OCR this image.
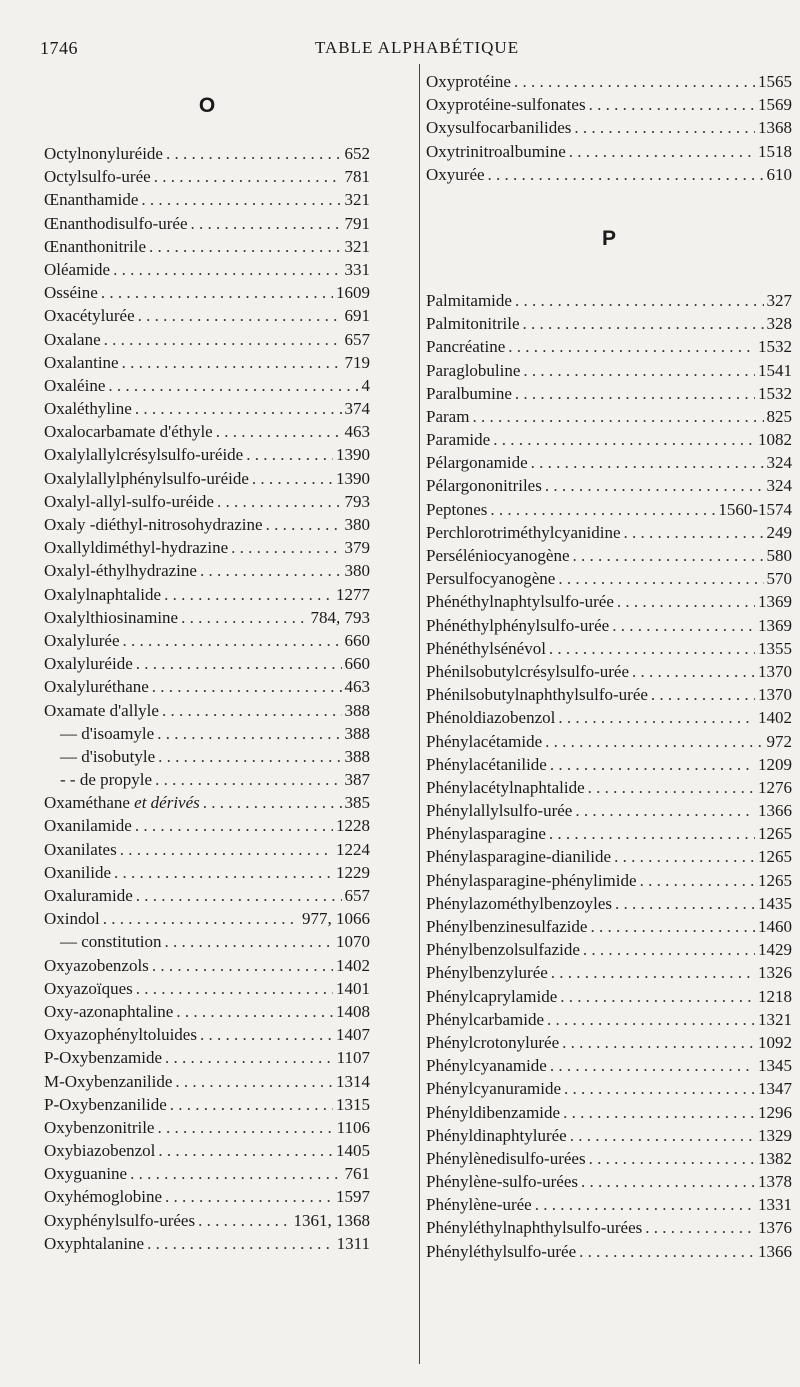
1746	TABLE ALPHABÉTIQUE
O
Octylnonyluréide . . .	652
Octylsulfo-urée . . .	781
Œnanthamide . . .	321
Œnanthodisulfo-urée . . .	791
Œnanthonitrile . . .	321
Oléamide . . .	331
Osséine . . .	1609
Oxacétylurée . . .	691
Oxalane . . .	657
Oxalantine . . .	719
Oxaléine . . .	4
Oxaléthyline . . .	374
Oxalocarbamate d'éthyle . . .	463
Oxalylallylcrésylsulfo-uréide . . .	1390
Oxalylallylphénylsulfo-uréide . . .	1390
Oxalyl-allyl-sulfo-uréide . . .	793
Oxaly -diéthyl-nitrosohydrazine . . .	380
Oxallyldiméthyl-hydrazine . . .	379
Oxalyl-éthylhydrazine . . .	380
Oxalylnaphtalide . . .	1277
Oxalylthiosinamine . . .	784, 793
Oxalylurée . . .	660
Oxalyluréide . . .	660
Oxalyluréthane . . .	463
Oxamate d'allyle . . .	388
— d'isoamyle . . .	388
— d'isobutyle . . .	388
- - de propyle . . .	387
Oxaméthane et dérivés . . .	385
Oxanilamide . . .	1228
Oxanilates . . .	1224
Oxanilide . . .	1229
Oxaluramide . . .	657
Oxindol . . .	977, 1066
— constitution . . .	1070
Oxyazobenzols . . .	1402
Oxyazoïques . . .	1401
Oxy-azonaphtaline . . .	1408
Oxyazophényltoluides . . .	1407
P-Oxybenzamide . . .	1107
M-Oxybenzanilide . . .	1314
P-Oxybenzanilide . . .	1315
Oxybenzonitrile . . .	1106
Oxybiazobenzol . . .	1405
Oxyguanine . . .	761
Oxyhémoglobine . . .	1597
Oxyphénylsulfo-urées . . .	1361, 1368
Oxyphtalanine . . .	1311
Oxyprotéine . . .	1565
Oxyprotéine-sulfonates . . .	1569
Oxysulfocarbanilides . . .	1368
Oxytrinitroalbumine . . .	1518
Oxyurée . . .	610
P
Palmitamide . . .	327
Palmitonitrile . . .	328
Pancréatine . . .	1532
Paraglobuline . . .	1541
Paralbumine . . .	1532
Param . . .	825
Paramide . . .	1082
Pélargonamide . . .	324
Pélargononitriles . . .	324
Peptones . . .	1560-1574
Perchlorotriméthylcyanidine . . .	249
Perséléniocyanogène . . .	580
Persulfocyanogène . . .	570
Phénéthylnaphtylsulfo-urée . . .	1369
Phénéthylphénylsulfo-urée . . .	1369
Phénéthylsénévol . . .	1355
Phénilsobutylcrésylsulfo-urée . . .	1370
Phénilsobutylnaphthylsulfo-urée . . .	1370
Phénoldiazobenzol . . .	1402
Phénylacétamide . . .	972
Phénylacétanilide . . .	1209
Phénylacétylnaphtalide . . .	1276
Phénylallylsulfo-urée . . .	1366
Phénylasparagine . . .	1265
Phénylasparagine-dianilide . . .	1265
Phénylasparagine-phénylimide . . .	1265
Phénylazométhylbenzoyles . . .	1435
Phénylbenzinesulfazide . . .	1460
Phénylbenzolsulfazide . . .	1429
Phénylbenzylurée . . .	1326
Phénylcaprylamide . . .	1218
Phénylcarbamide . . .	1321
Phénylcrotonylurée . . .	1092
Phénylcyanamide . . .	1345
Phénylcyanuramide . . .	1347
Phényldibenzamide . . .	1296
Phényldinaphtylurée . . .	1329
Phénylènedisulfo-urées . . .	1382
Phénylène-sulfo-urées . . .	1378
Phénylène-urée . . .	1331
Phényléthylnaphthylsulfo-urées . . .	1376
Phényléthylsulfo-urée . . .	1366
